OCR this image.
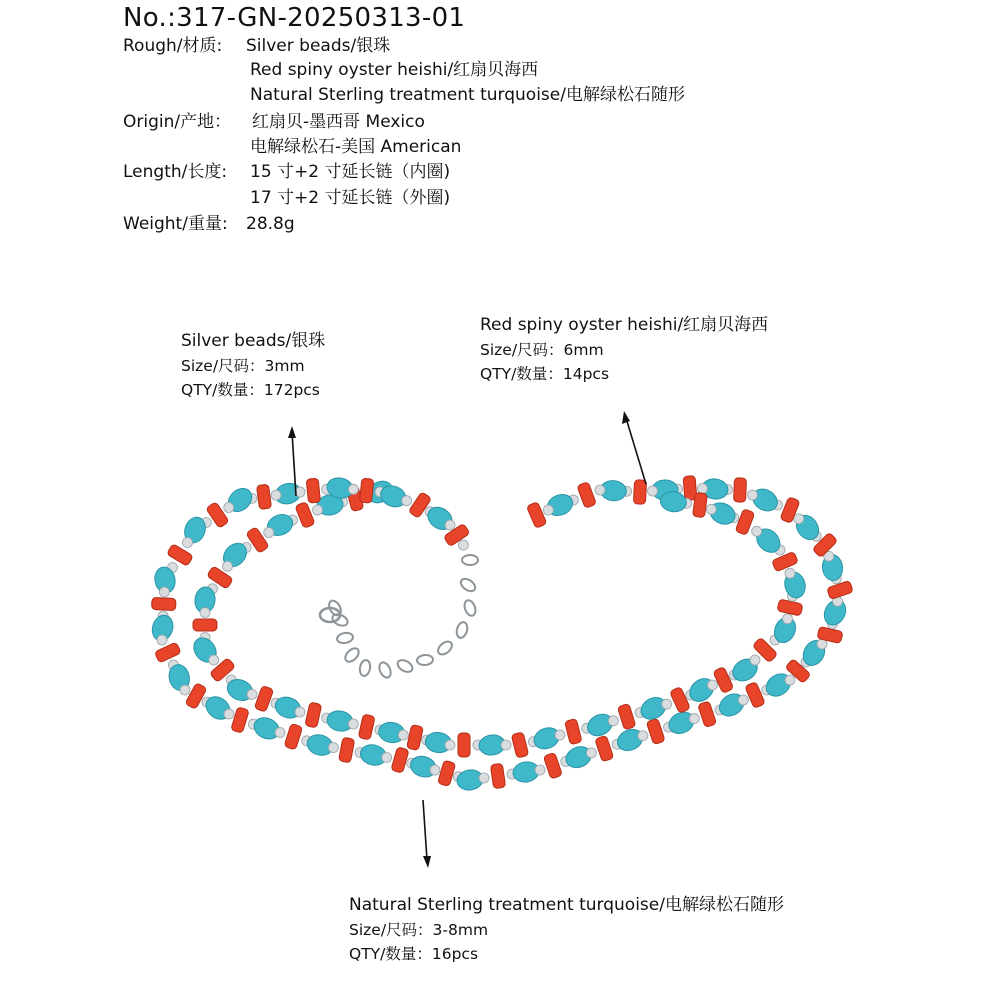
No.:317-GN-20250313-01
Rough/材质: Silver beads/银珠
Red spiny oyster heishi/红扇贝海西
Natural Sterling treatment turquoise/电解绿松石随形
Origin/产地： 红扇贝-墨西哥 Mexico
电解绿松石-美国 American
Length/长度: 15 寸+2 寸延长链（内圈)
17 寸+2 寸延长链（外圈)
Weight/重量: 28.8g
Silver beads/银珠
Size/尺码：3mm
QTY/数量：172pcs
Red spiny oyster heishi/红扇贝海西
Size/尺码：6mm
QTY/数量：14pcs
Natural Sterling treatment turquoise/电解绿松石随形
Size/尺码：3-8mm
QTY/数量：16pcs
